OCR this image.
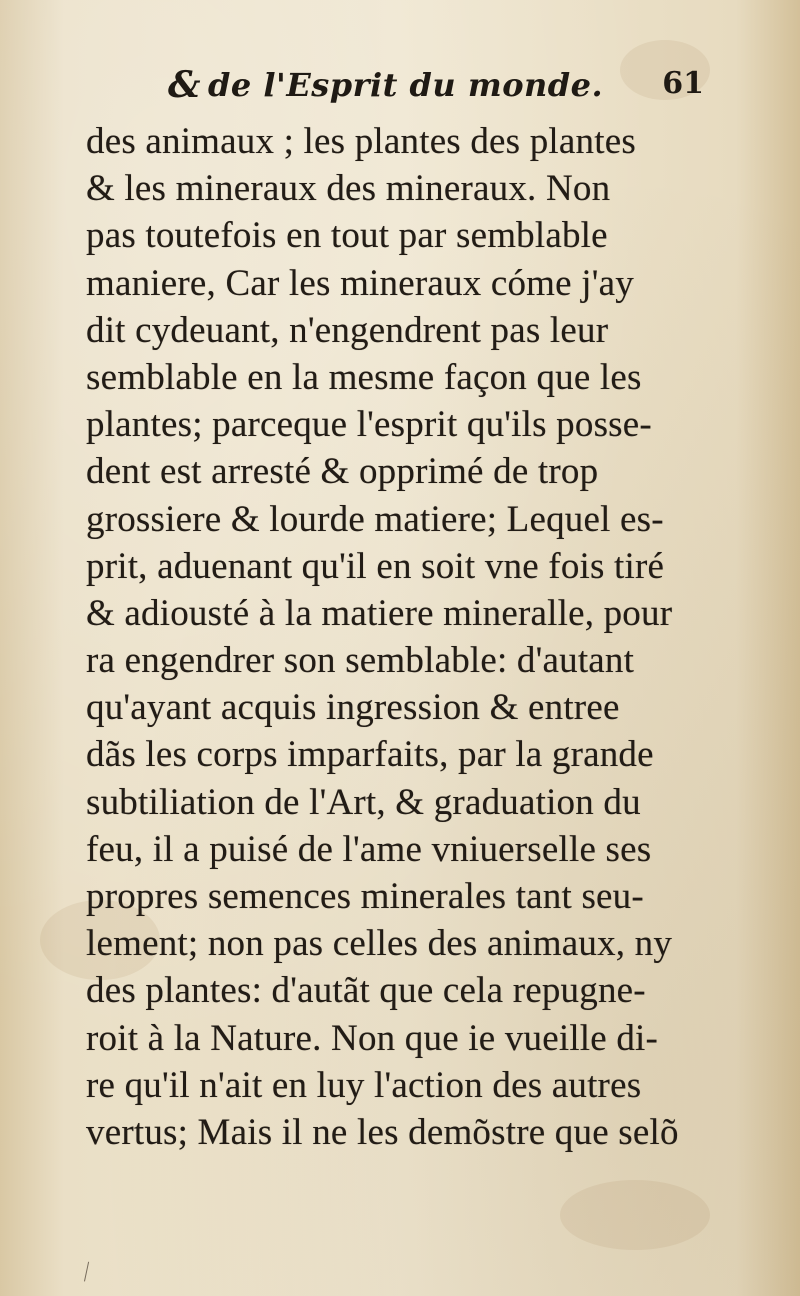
& de l'Esprit du monde. 61
des animaux ; les plantes des plantes
& les mineraux des mineraux. Non
pas toutefois en tout par semblable
maniere, Car les mineraux cóme j'ay
dit cydeuant, n'engendrent pas leur
semblable en la mesme façon que les
plantes; parceque l'esprit qu'ils posse-
dent est arresté & opprimé de trop
grossiere & lourde matiere; Lequel es-
prit, aduenant qu'il en soit vne fois tiré
& adiousté à la matiere mineralle, pour
ra engendrer son semblable: d'autant
qu'ayant acquis ingression & entree
dãs les corps imparfaits, par la grande
subtiliation de l'Art, & graduation du
feu, il a puisé de l'ame vniuerselle ses
propres semences minerales tant seu-
lement; non pas celles des animaux, ny
des plantes: d'autãt que cela repugne-
roit à la Nature. Non que ie vueille di-
re qu'il n'ait en luy l'action des autres
vertus; Mais il ne les demõstre que selõ
